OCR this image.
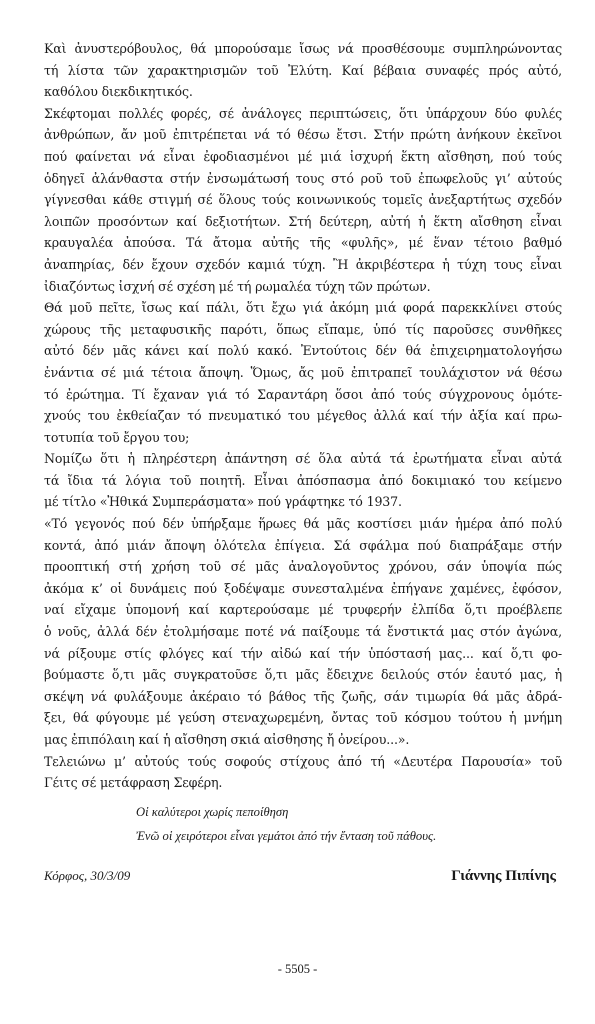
Καὶ ἀνυστερόβουλος, θά μπορούσαμε ἴσως νά προσθέσουμε συμπληρώνοντας
τή λίστα τῶν χαρακτηρισμῶν τοῦ Ἐλύτη. Καί βέβαια συναφές πρός αὐτό,
καθόλου διεκδικητικός.

Σκέφτομαι πολλές φορές, σέ ἀνάλογες περιπτώσεις, ὅτι ὑπάρχουν δύο φυλές
ἀνθρώπων, ἄν μοῦ ἐπιτρέπεται νά τό θέσω ἔτσι. Στήν πρώτη ἀνήκουν ἐκεῖνοι
πού φαίνεται νά εἶναι ἐφοδιασμένοι μέ μιά ἰσχυρή ἕκτη αἴσθηση, πού τούς
ὁδηγεῖ ἀλάνθαστα στήν ἐνσωμάτωσή τους στό ροῦ τοῦ ἐπωφελοῦς γι’ αὐτούς
γίγνεσθαι κάθε στιγμή σέ ὅλους τούς κοινωνικούς τομεῖς ἀνεξαρτήτως σχεδόν
λοιπῶν προσόντων καί δεξιοτήτων. Στή δεύτερη, αὐτή ἡ ἕκτη αἴσθηση εἶναι
κραυγαλέα ἀπούσα. Τά ἄτομα αὐτῆς τῆς «φυλῆς», μέ ἕναν τέτοιο βαθμό
ἀναπηρίας, δέν ἔχουν σχεδόν καμιά τύχη. Ἢ ἀκριβέστερα ἡ τύχη τους εἶναι
ἰδιαζόντως ἰσχνή σέ σχέση μέ τή ρωμαλέα τύχη τῶν πρώτων.

Θά μοῦ πεῖτε, ἴσως καί πάλι, ὅτι ἔχω γιά ἀκόμη μιά φορά παρεκκλίνει στούς
χώρους τῆς μεταφυσικῆς παρότι, ὅπως εἴπαμε, ὑπό τίς παροῦσες συνθῆκες
αὐτό δέν μᾶς κάνει καί πολύ κακό. Ἐντούτοις δέν θά ἐπιχειρηματολογήσω
ἐνάντια σέ μιά τέτοια ἄποψη. Ὅμως, ἄς μοῦ ἐπιτραπεῖ τουλάχιστον νά θέσω
τό ἐρώτημα. Τί ἔχαναν γιά τό Σαραντάρη ὅσοι ἀπό τούς σύγχρονους ὁμότε-
χνούς του ἐκθείαζαν τό πνευματικό του μέγεθος ἀλλά καί τήν ἀξία καί πρω-
τοτυπία τοῦ ἔργου του;

Νομίζω ὅτι ἡ πληρέστερη ἀπάντηση σέ ὅλα αὐτά τά ἐρωτήματα εἶναι αὐτά
τά ἴδια τά λόγια τοῦ ποιητῆ. Εἶναι ἀπόσπασμα ἀπό δοκιμιακό του κείμενο
μέ τίτλο «Ἠθικά Συμπεράσματα» πού γράφτηκε τό 1937.

«Τό γεγονός πού δέν ὑπήρξαμε ἥρωες θά μᾶς κοστίσει μιάν ἡμέρα ἀπό πολύ
κοντά, ἀπό μιάν ἄποψη ὁλότελα ἐπίγεια. Σά σφάλμα πού διαπράξαμε στήν
προοπτική στή χρήση τοῦ σέ μᾶς ἀναλογοῦντος χρόνου, σάν ὑποψία πώς
ἀκόμα κ’ οἱ δυνάμεις πού ξοδέψαμε συνεσταλμένα ἐπήγανε χαμένες, ἐφόσον,
ναί εἴχαμε ὑπομονή καί καρτερούσαμε μέ τρυφερήν ἐλπίδα ὅ,τι προέβλεπε
ὁ νοῦς, ἀλλά δέν ἐτολμήσαμε ποτέ νά παίξουμε τά ἔνστικτά μας στόν ἀγώνα,
νά ρίξουμε στίς φλόγες καί τήν αἰδώ καί τήν ὑπόστασή μας... καί ὅ,τι φο-
βούμαστε ὅ,τι μᾶς συγκρατοῦσε ὅ,τι μᾶς ἔδειχνε δειλούς στόν ἑαυτό μας, ἡ
σκέψη νά φυλάξουμε ἀκέραιο τό βάθος τῆς ζωῆς, σάν τιμωρία θά μᾶς ἀδρά-
ξει, θά φύγουμε μέ γεύση στεναχωρεμένη, ὄντας τοῦ κόσμου τούτου ἡ μνήμη
μας ἐπιπόλαιη καί ἡ αἴσθηση σκιά αἰσθησης ἤ ὀνείρου...».

Τελειώνω μ’ αὐτούς τούς σοφούς στίχους ἀπό τή «Δευτέρα Παρουσία» τοῦ
Γέιτς σέ μετάφραση Σεφέρη.

Οἱ καλύτεροι χωρίς πεποίθηση
Ἐνῶ οἱ χειρότεροι εἶναι γεμάτοι ἀπό τήν ἔνταση τοῦ πάθους.
Κόρφος, 30/3/09	Γιάννης Πιπίνης
- 5505 -
